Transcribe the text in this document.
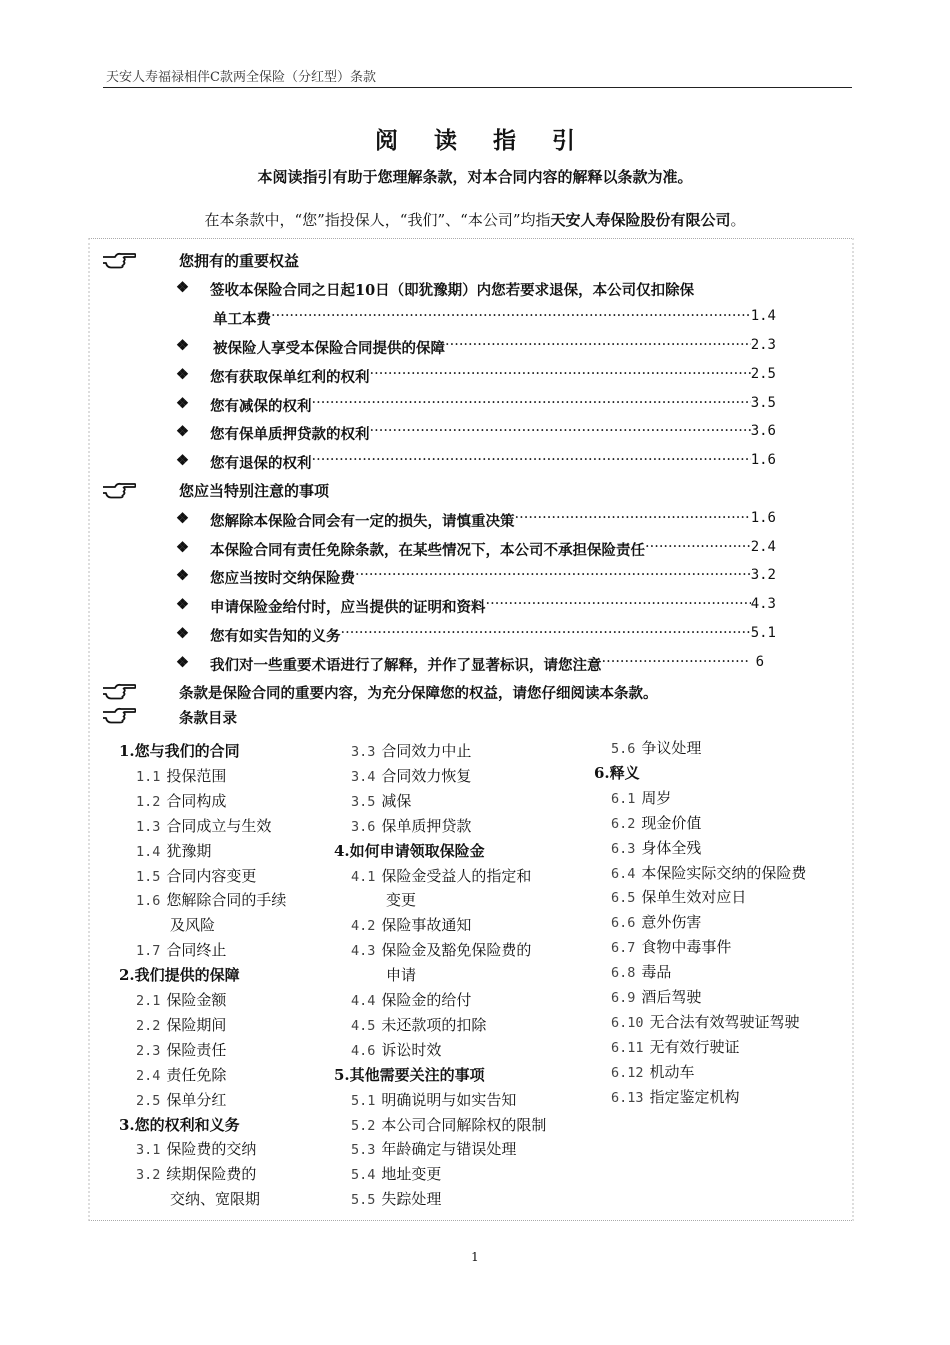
天安人寿福禄相伴C款两全保险（分红型）条款
阅 读 指 引
本阅读指引有助于您理解条款，对本合同内容的解释以条款为准。
在本条款中，“您”指投保人，“我们”、“本公司”均指天安人寿保险股份有限公司。
您拥有的重要权益
❖ 签收本保险合同之日起10日（即犹豫期）内您若要求退保，本公司仅扣除保
单工本费 ·····	1.4
❖ 被保险人享受本保险合同提供的保障 ·····	2.3
❖ 您有获取保单红利的权利 ·····	2.5
❖ 您有减保的权利 ·····	3.5
❖ 您有保单质押贷款的权利 ·····	3.6
❖ 您有退保的权利 ·····	1.6
您应当特别注意的事项
❖ 您解除本保险合同会有一定的损失，请慎重决策 ·····	1.6
❖ 本保险合同有责任免除条款，在某些情况下，本公司不承担保险责任 ·····	2.4
❖ 您应当按时交纳保险费 ·····	3.2
❖ 申请保险金给付时，应当提供的证明和资料 ·····	4.3
❖ 您有如实告知的义务 ·····	5.1
❖ 我们对一些重要术语进行了解释，并作了显著标识，请您注意 ·····	6
条款是保险合同的重要内容，为充分保障您的权益，请您仔细阅读本条款。
条款目录
1.您与我们的合同
1.1 投保范围
1.2 合同构成
1.3 合同成立与生效
1.4 犹豫期
1.5 合同内容变更
1.6 您解除合同的手续
及风险
1.7 合同终止
2.我们提供的保障
2.1 保险金额
2.2 保险期间
2.3 保险责任
2.4 责任免除
2.5 保单分红
3.您的权利和义务
3.1 保险费的交纳
3.2 续期保险费的
交纳、宽限期
3.3 合同效力中止
3.4 合同效力恢复
3.5 减保
3.6 保单质押贷款
4.如何申请领取保险金
4.1 保险金受益人的指定和
变更
4.2 保险事故通知
4.3 保险金及豁免保险费的
申请
4.4 保险金的给付
4.5 未还款项的扣除
4.6 诉讼时效
5.其他需要关注的事项
5.1 明确说明与如实告知
5.2 本公司合同解除权的限制
5.3 年龄确定与错误处理
5.4 地址变更
5.5 失踪处理
5.6 争议处理
6.释义
6.1 周岁
6.2 现金价值
6.3 身体全残
6.4 本保险实际交纳的保险费
6.5 保单生效对应日
6.6 意外伤害
6.7 食物中毒事件
6.8 毒品
6.9 酒后驾驶
6.10 无合法有效驾驶证驾驶
6.11 无有效行驶证
6.12 机动车
6.13 指定鉴定机构
1
